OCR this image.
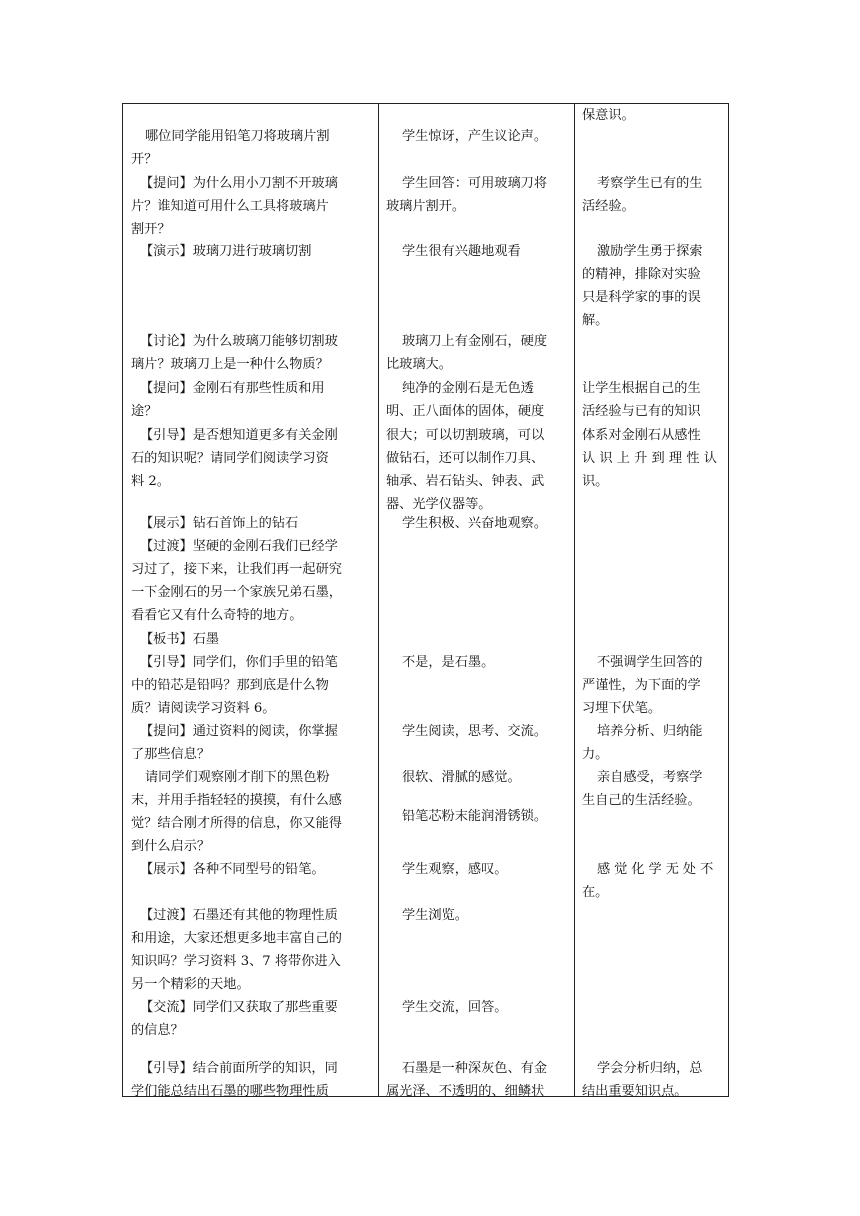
哪位同学能用铅笔刀将玻璃片割
开？
【提问】为什么用小刀割不开玻璃
片？谁知道可用什么工具将玻璃片
割开？
【演示】玻璃刀进行玻璃切割
【讨论】为什么玻璃刀能够切割玻
璃片？玻璃刀上是一种什么物质？
【提问】金刚石有那些性质和用
途？
【引导】是否想知道更多有关金刚
石的知识呢？请同学们阅读学习资
料 2。
【展示】钻石首饰上的钻石
【过渡】坚硬的金刚石我们已经学
习过了，接下来，让我们再一起研究
一下金刚石的另一个家族兄弟石墨，
看看它又有什么奇特的地方。
【板书】石墨
【引导】同学们，你们手里的铅笔
中的铅芯是铅吗？那到底是什么物
质？请阅读学习资料 6。
【提问】通过资料的阅读，你掌握
了那些信息？
请同学们观察刚才削下的黑色粉
末，并用手指轻轻的摸摸，有什么感
觉？结合刚才所得的信息，你又能得
到什么启示？
【展示】各种不同型号的铅笔。
【过渡】石墨还有其他的物理性质
和用途，大家还想更多地丰富自己的
知识吗？学习资料 3、7 将带你进入
另一个精彩的天地。
【交流】同学们又获取了那些重要
的信息？
【引导】结合前面所学的知识，同
学们能总结出石墨的哪些物理性质
学生惊讶，产生议论声。
学生回答：可用玻璃刀将
玻璃片割开。
学生很有兴趣地观看
玻璃刀上有金刚石，硬度
比玻璃大。
纯净的金刚石是无色透
明、正八面体的固体，硬度
很大；可以切割玻璃，可以
做钻石，还可以制作刀具、
轴承、岩石钻头、钟表、武
器、光学仪器等。
学生积极、兴奋地观察。
不是，是石墨。
学生阅读，思考、交流。
很软、滑腻的感觉。
铅笔芯粉末能润滑锈锁。
学生观察，感叹。
学生浏览。
学生交流，回答。
石墨是一种深灰色、有金
属光泽、不透明的、细鳞状
保意识。
考察学生已有的生
活经验。
激励学生勇于探索
的精神，排除对实验
只是科学家的事的误
解。
让学生根据自己的生
活经验与已有的知识
体系对金刚石从感性
认识上升到理性认
识。
不强调学生回答的
严谨性，为下面的学
习埋下伏笔。
培养分析、归纳能
力。
亲自感受，考察学
生自己的生活经验。
感觉化学无处不
在。
学会分析归纳，总
结出重要知识点。
